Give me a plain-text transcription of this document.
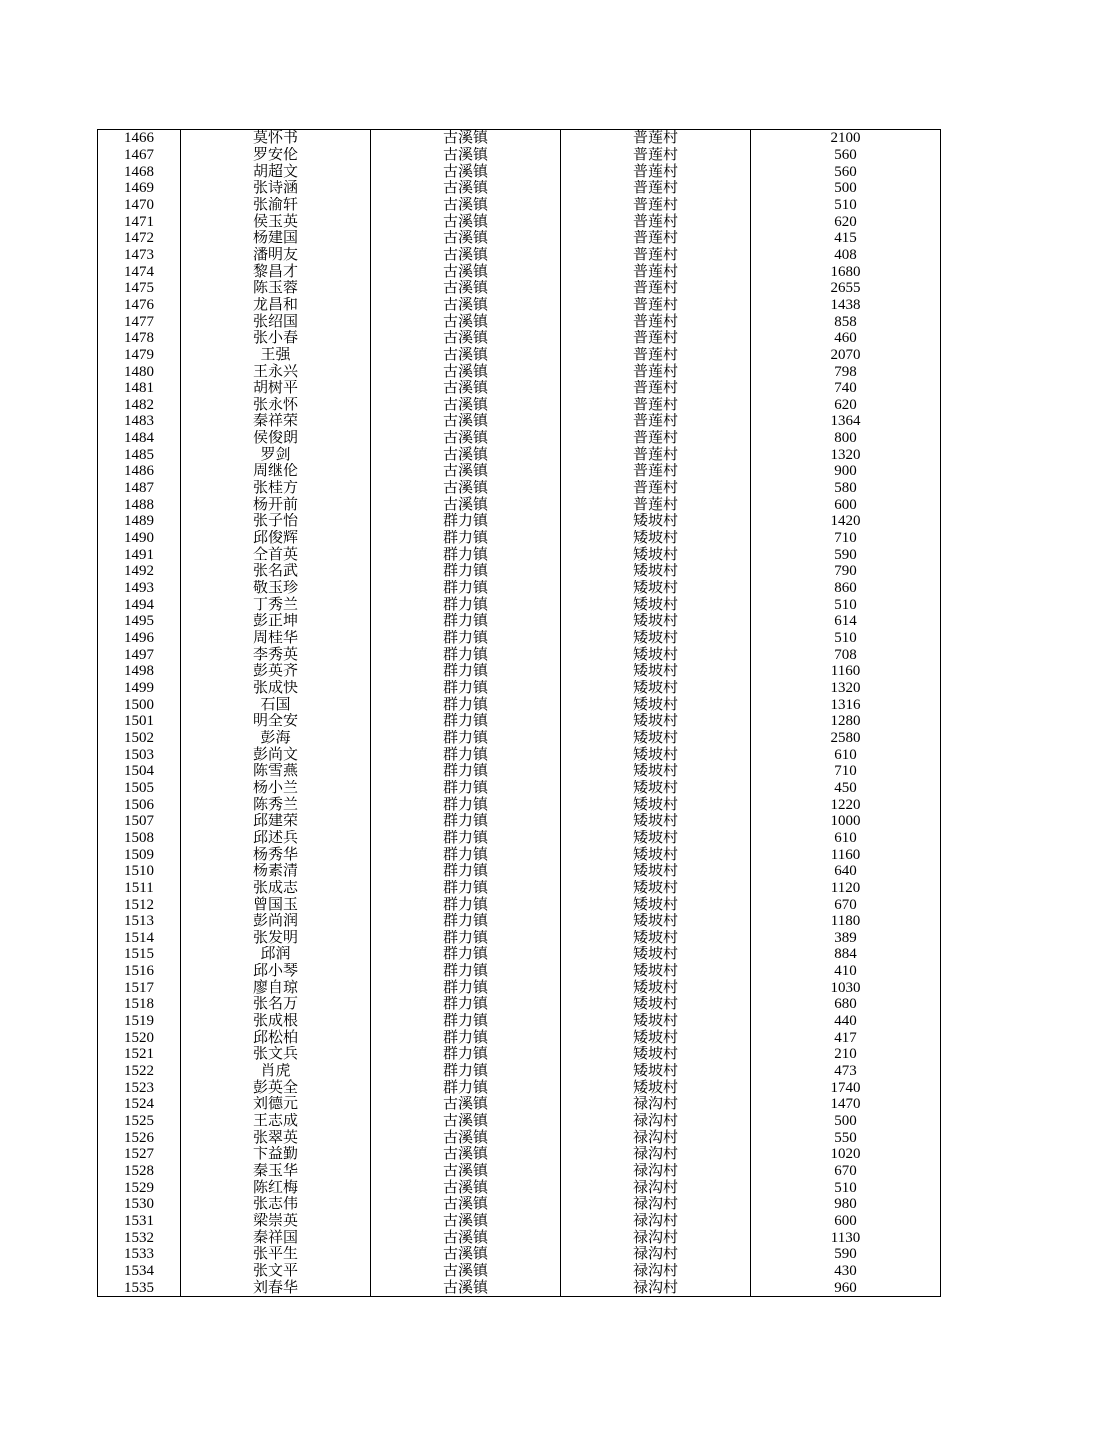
1466	莫怀书	古溪镇	普莲村	2100
1467	罗安伦	古溪镇	普莲村	560
1468	胡超文	古溪镇	普莲村	560
1469	张诗涵	古溪镇	普莲村	500
1470	张渝轩	古溪镇	普莲村	510
1471	侯玉英	古溪镇	普莲村	620
1472	杨建国	古溪镇	普莲村	415
1473	潘明友	古溪镇	普莲村	408
1474	黎昌才	古溪镇	普莲村	1680
1475	陈玉蓉	古溪镇	普莲村	2655
1476	龙昌和	古溪镇	普莲村	1438
1477	张绍国	古溪镇	普莲村	858
1478	张小春	古溪镇	普莲村	460
1479	王强	古溪镇	普莲村	2070
1480	王永兴	古溪镇	普莲村	798
1481	胡树平	古溪镇	普莲村	740
1482	张永怀	古溪镇	普莲村	620
1483	秦祥荣	古溪镇	普莲村	1364
1484	侯俊朗	古溪镇	普莲村	800
1485	罗剑	古溪镇	普莲村	1320
1486	周继伦	古溪镇	普莲村	900
1487	张桂方	古溪镇	普莲村	580
1488	杨开前	古溪镇	普莲村	600
1489	张子怡	群力镇	矮坡村	1420
1490	邱俊辉	群力镇	矮坡村	710
1491	仝首英	群力镇	矮坡村	590
1492	张名武	群力镇	矮坡村	790
1493	敬玉珍	群力镇	矮坡村	860
1494	丁秀兰	群力镇	矮坡村	510
1495	彭正坤	群力镇	矮坡村	614
1496	周桂华	群力镇	矮坡村	510
1497	李秀英	群力镇	矮坡村	708
1498	彭英齐	群力镇	矮坡村	1160
1499	张成快	群力镇	矮坡村	1320
1500	石国	群力镇	矮坡村	1316
1501	明全安	群力镇	矮坡村	1280
1502	彭海	群力镇	矮坡村	2580
1503	彭尚文	群力镇	矮坡村	610
1504	陈雪燕	群力镇	矮坡村	710
1505	杨小兰	群力镇	矮坡村	450
1506	陈秀兰	群力镇	矮坡村	1220
1507	邱建荣	群力镇	矮坡村	1000
1508	邱述兵	群力镇	矮坡村	610
1509	杨秀华	群力镇	矮坡村	1160
1510	杨素清	群力镇	矮坡村	640
1511	张成志	群力镇	矮坡村	1120
1512	曾国玉	群力镇	矮坡村	670
1513	彭尚润	群力镇	矮坡村	1180
1514	张发明	群力镇	矮坡村	389
1515	邱润	群力镇	矮坡村	884
1516	邱小琴	群力镇	矮坡村	410
1517	廖自琼	群力镇	矮坡村	1030
1518	张名万	群力镇	矮坡村	680
1519	张成根	群力镇	矮坡村	440
1520	邱松柏	群力镇	矮坡村	417
1521	张文兵	群力镇	矮坡村	210
1522	肖虎	群力镇	矮坡村	473
1523	彭英全	群力镇	矮坡村	1740
1524	刘德元	古溪镇	禄沟村	1470
1525	王志成	古溪镇	禄沟村	500
1526	张翠英	古溪镇	禄沟村	550
1527	卞益勤	古溪镇	禄沟村	1020
1528	秦玉华	古溪镇	禄沟村	670
1529	陈红梅	古溪镇	禄沟村	510
1530	张志伟	古溪镇	禄沟村	980
1531	梁崇英	古溪镇	禄沟村	600
1532	秦祥国	古溪镇	禄沟村	1130
1533	张平生	古溪镇	禄沟村	590
1534	张文平	古溪镇	禄沟村	430
1535	刘春华	古溪镇	禄沟村	960
